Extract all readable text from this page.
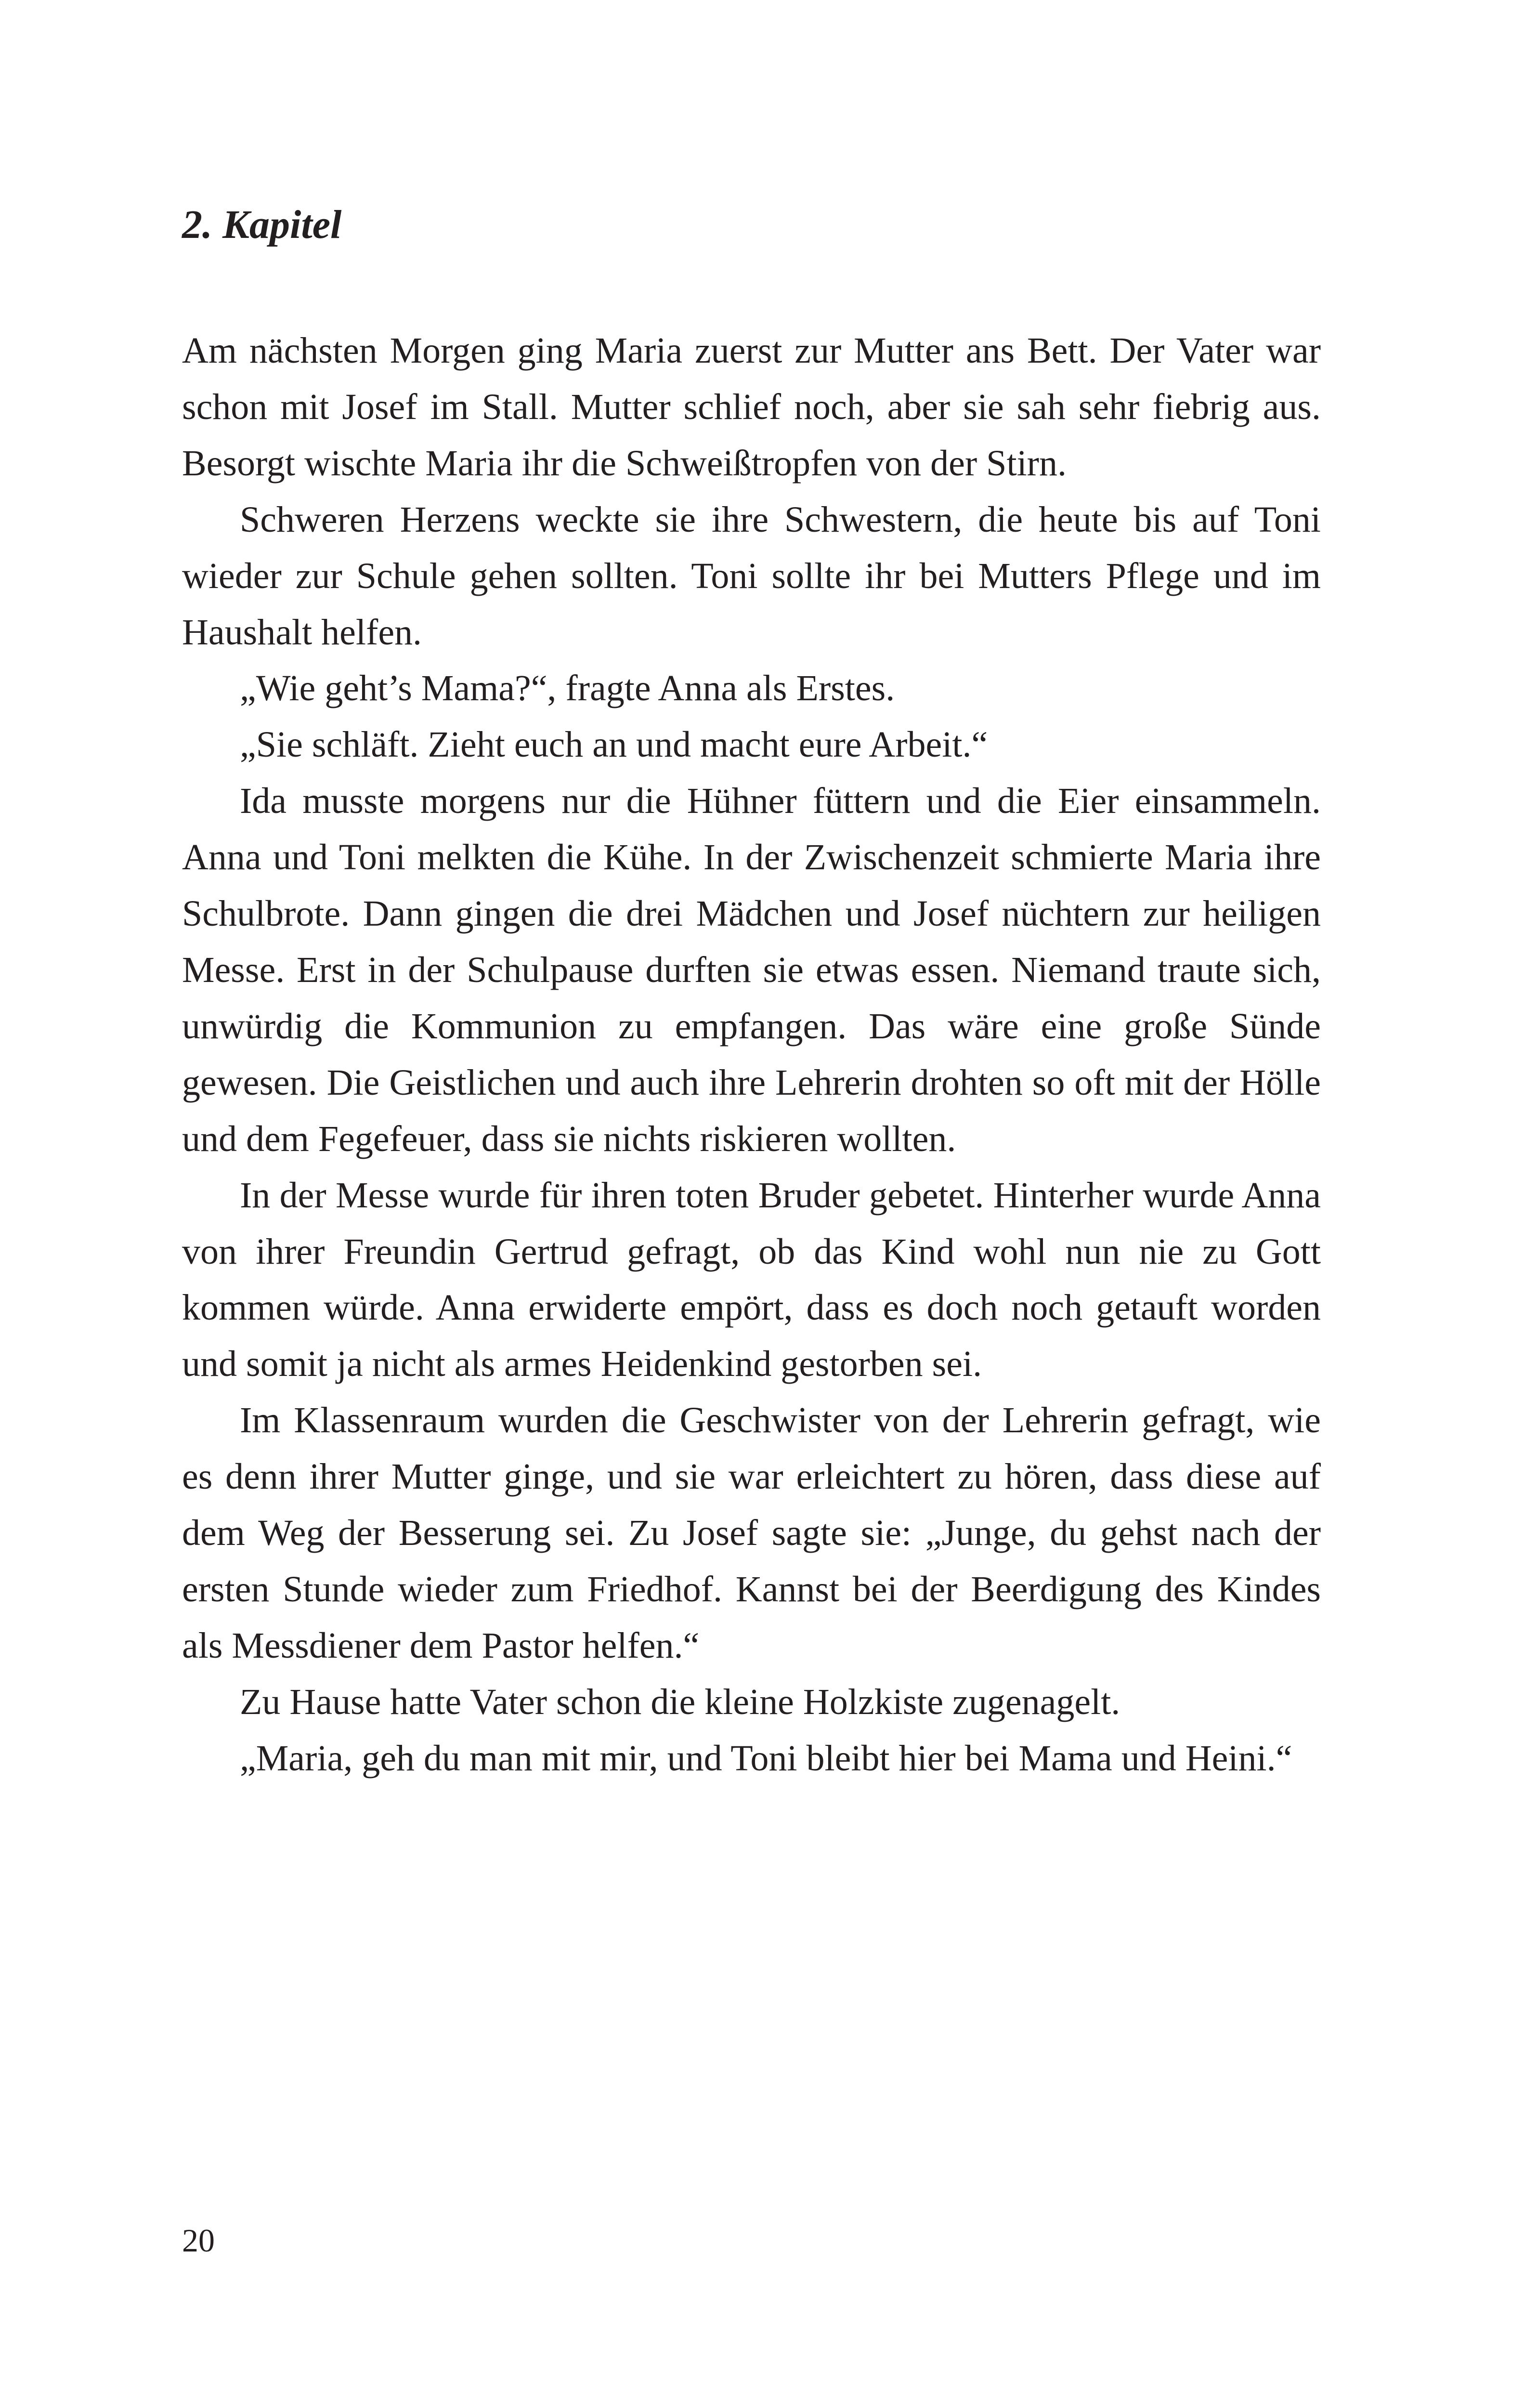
2. Kapitel

Am nächsten Morgen ging Maria zuerst zur Mutter ans Bett. Der Vater war schon mit Josef im Stall. Mutter schlief noch, aber sie sah sehr fiebrig aus. Besorgt wischte Maria ihr die Schweißtropfen von der Stirn.

Schweren Herzens weckte sie ihre Schwestern, die heute bis auf Toni wieder zur Schule gehen sollten. Toni sollte ihr bei Mutters Pflege und im Haushalt helfen.

„Wie geht’s Mama?“, fragte Anna als Erstes.

„Sie schläft. Zieht euch an und macht eure Arbeit.“

Ida musste morgens nur die Hühner füttern und die Eier einsammeln. Anna und Toni melkten die Kühe. In der Zwischenzeit schmierte Maria ihre Schulbrote. Dann gingen die drei Mädchen und Josef nüchtern zur heiligen Messe. Erst in der Schulpause durften sie etwas essen. Niemand traute sich, unwürdig die Kommunion zu empfangen. Das wäre eine große Sünde gewesen. Die Geistlichen und auch ihre Lehrerin drohten so oft mit der Hölle und dem Fegefeuer, dass sie nichts riskieren wollten.

In der Messe wurde für ihren toten Bruder gebetet. Hinterher wurde Anna von ihrer Freundin Gertrud gefragt, ob das Kind wohl nun nie zu Gott kommen würde. Anna erwiderte empört, dass es doch noch getauft worden und somit ja nicht als armes Heidenkind gestorben sei.

Im Klassenraum wurden die Geschwister von der Lehrerin gefragt, wie es denn ihrer Mutter ginge, und sie war erleichtert zu hören, dass diese auf dem Weg der Besserung sei. Zu Josef sagte sie: „Junge, du gehst nach der ersten Stunde wieder zum Friedhof. Kannst bei der Beerdigung des Kindes als Messdiener dem Pastor helfen.“

Zu Hause hatte Vater schon die kleine Holzkiste zugenagelt.

„Maria, geh du man mit mir, und Toni bleibt hier bei Mama und Heini.“

20
